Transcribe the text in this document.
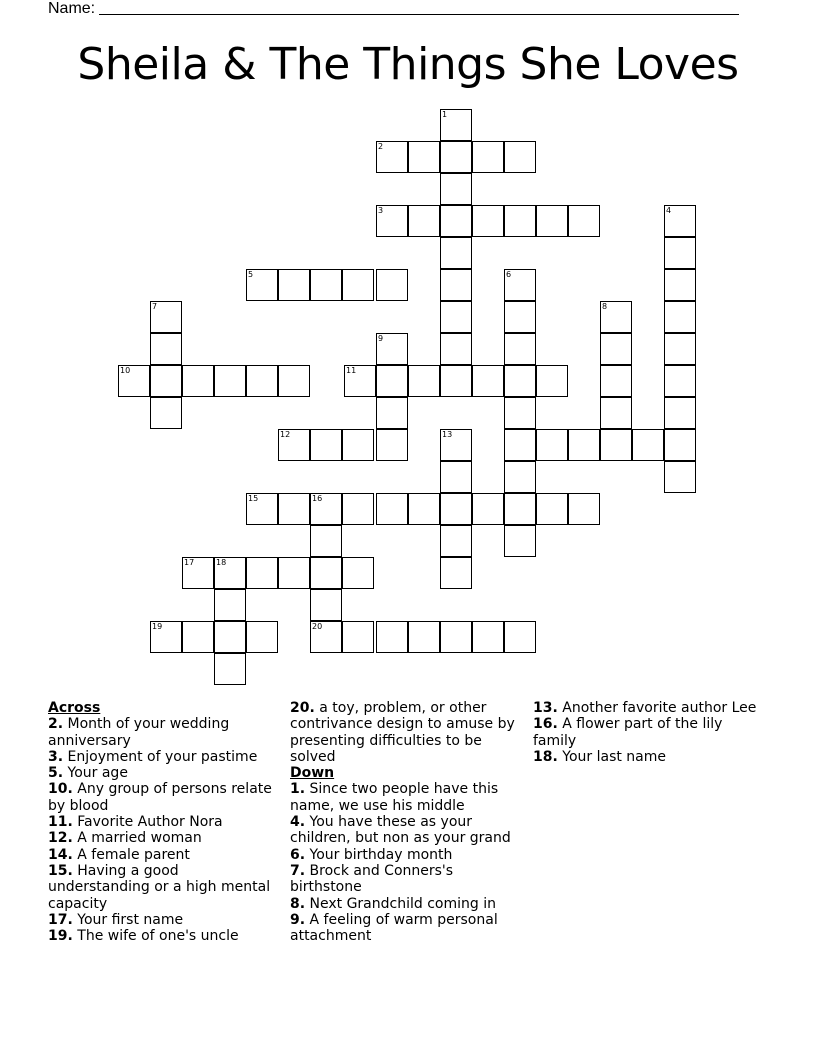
Name:
Sheila & The Things She Loves
1
2
3	4
5	6
7	8
9
10	11
12	13
15	16
17	18
19	20
Across
2. Month of your wedding anniversary
3. Enjoyment of your pastime
5. Your age
10. Any group of persons relate by blood
11. Favorite Author Nora
12. A married woman
14. A female parent
15. Having a good understanding or a high mental capacity
17. Your first name
19. The wife of one's uncle
20. a toy, problem, or other contrivance design to amuse by presenting difficulties to be solved
Down
1. Since two people have this name, we use his middle
4. You have these as your children, but non as your grand
6. Your birthday month
7. Brock and Conners's birthstone
8. Next Grandchild coming in
9. A feeling of warm personal attachment
13. Another favorite author Lee
16. A flower part of the lily family
18. Your last name
